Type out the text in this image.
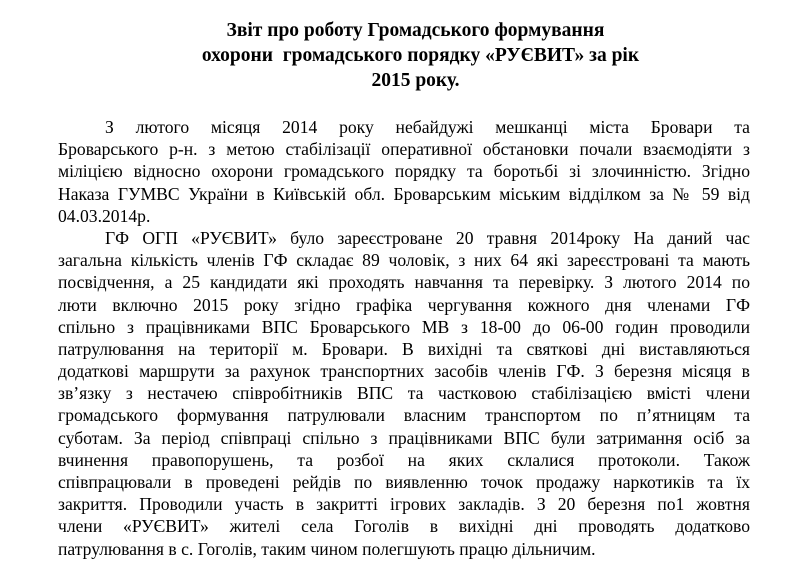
Звіт про роботу Громадського формування
охорони  громадського порядку «РУЄВИТ» за рік
2015 року.
З лютого місяця 2014 року небайдужі мешканці міста Бровари та
Броварського р-н. з метою стабілізації оперативної обстановки почали взаємодіяти з
міліцією відносно охорони громадського порядку та боротьбі зі злочинністю. Згідно
Наказа ГУМВС України в Київській обл. Броварським міським відділком за № 59 від
04.03.2014р.
ГФ ОГП «РУЄВИТ» було зареєстроване 20 травня 2014року На даний час
загальна кількість членів ГФ складає 89 чоловік, з них 64 які зареєстровані та мають
посвідчення, а 25 кандидати які проходять навчання та перевірку. З лютого 2014 по
люти включно 2015 року згідно графіка чергування кожного дня членами ГФ
спільно з працівниками ВПС Броварського МВ з 18-00 до 06-00 годин проводили
патрулювання на території м. Бровари. В вихідні та святкові дні виставляються
додаткові маршрути за рахунок транспортних засобів членів ГФ. З березня місяця в
зв’язку з нестачею співробітників ВПС та частковою стабілізацією вмісті члени
громадського формування патрулювали власним транспортом по п’ятницям та
суботам. За період співпраці спільно з працівниками ВПС були затримання осіб за
вчинення правопорушень, та розбої на яких склалися протоколи. Також
співпрацювали в проведені рейдів по виявленню точок продажу наркотиків та їх
закриття. Проводили участь в закритті ігрових закладів. З 20 березня по1 жовтня
члени «РУЄВИТ» жителі села Гоголів в вихідні дні проводять додатково
патрулювання в с. Гоголів, таким чином полегшують працю дільничим.
